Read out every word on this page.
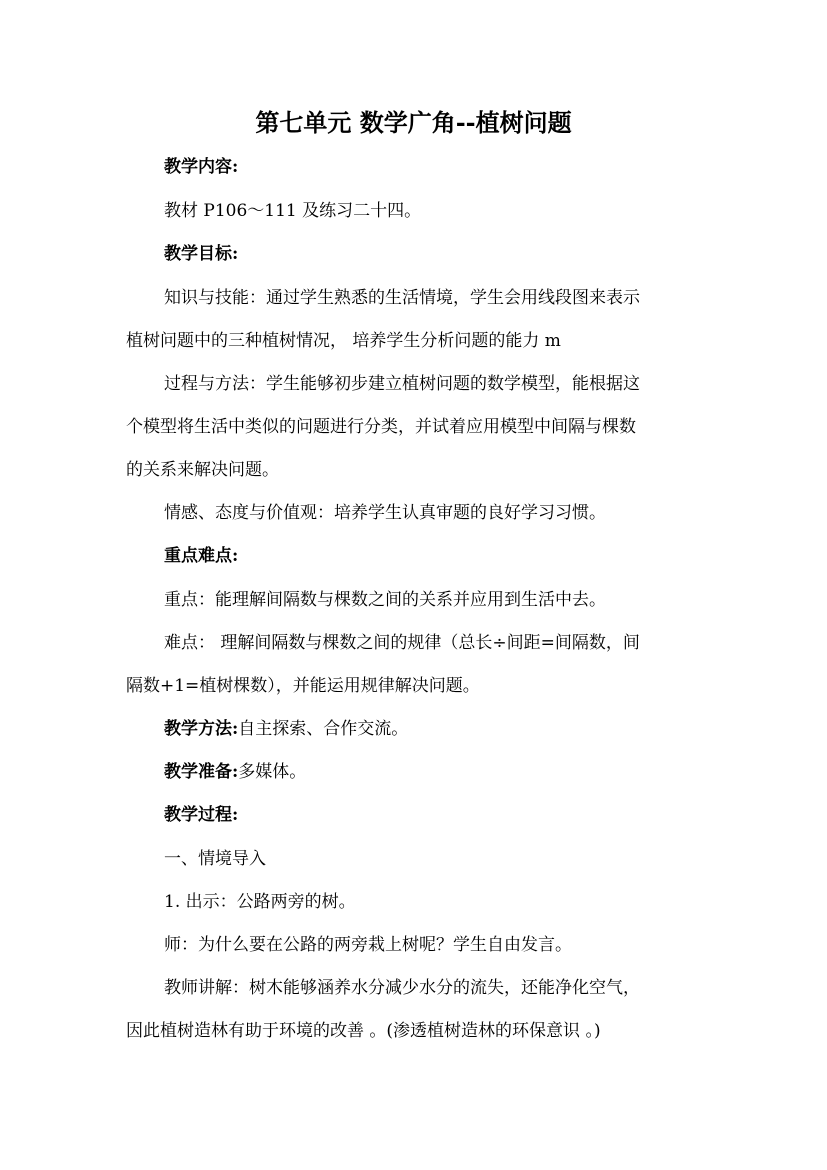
第七单元 数学广角--植树问题
教学内容:
教材 P106～111 及练习二十四。
教学目标:
知识与技能：通过学生熟悉的生活情境，学生会用线段图来表示
植树问题中的三种植树情况， 培养学生分析问题的能力 m
过程与方法：学生能够初步建立植树问题的数学模型，能根据这
个模型将生活中类似的问题进行分类，并试着应用模型中间隔与棵数
的关系来解决问题。
情感、态度与价值观：培养学生认真审题的良好学习习惯。
重点难点:
重点：能理解间隔数与棵数之间的关系并应用到生活中去。
难点： 理解间隔数与棵数之间的规律（总长÷间距=间隔数，间
隔数+1=植树棵数），并能运用规律解决问题。
教学方法:自主探索、合作交流。
教学准备:多媒体。
教学过程:
一、情境导入
1. 出示：公路两旁的树。
师：为什么要在公路的两旁栽上树呢？学生自由发言。
教师讲解：树木能够涵养水分减少水分的流失，还能净化空气，
因此植树造林有助于环境的改善 。(渗透植树造林的环保意识 。)
